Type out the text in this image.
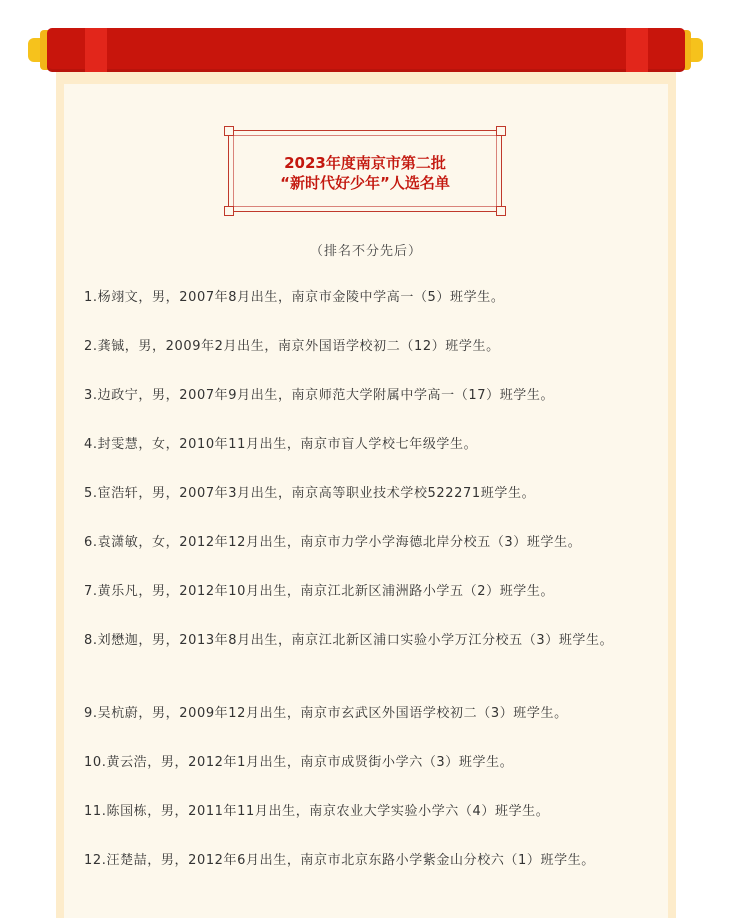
2023年度南京市第二批
“新时代好少年”人选名单
（排名不分先后）
1.杨翊文，男，2007年8月出生，南京市金陵中学高一（5）班学生。
2.龚铖，男，2009年2月出生，南京外国语学校初二（12）班学生。
3.边政宁，男，2007年9月出生，南京师范大学附属中学高一（17）班学生。
4.封雯慧，女，2010年11月出生，南京市盲人学校七年级学生。
5.宦浩轩，男，2007年3月出生，南京高等职业技术学校522271班学生。
6.袁潇敏，女，2012年12月出生，南京市力学小学海德北岸分校五（3）班学生。
7.黄乐凡，男，2012年10月出生，南京江北新区浦洲路小学五（2）班学生。
8.刘懋迦，男，2013年8月出生，南京江北新区浦口实验小学万江分校五（3）班学生。
9.吴杭蔚，男，2009年12月出生，南京市玄武区外国语学校初二（3）班学生。
10.黄云浩，男，2012年1月出生，南京市成贤街小学六（3）班学生。
11.陈国栋，男，2011年11月出生，南京农业大学实验小学六（4）班学生。
12.汪楚喆，男，2012年6月出生，南京市北京东路小学紫金山分校六（1）班学生。
